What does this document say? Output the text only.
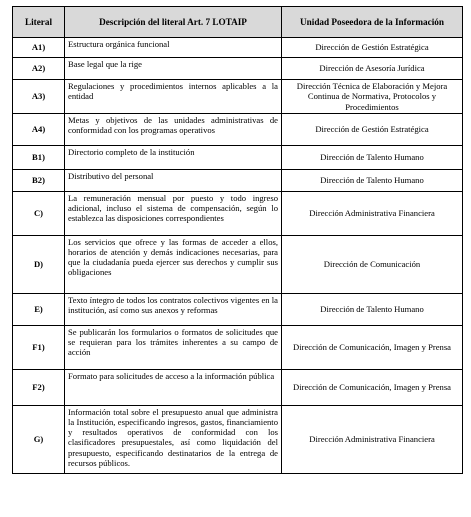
Literal	Descripción del literal Art. 7 LOTAIP	Unidad Poseedora de la Información
A1)	Estructura orgánica funcional	Dirección de Gestión Estratégica
A2)	Base legal que la rige	Dirección de Asesoría Jurídica
A3)	Regulaciones y procedimientos internos aplicables a la entidad	Dirección Técnica de Elaboración y Mejora Continua de Normativa, Protocolos y Procedimientos
A4)	Metas y objetivos de las unidades administrativas de conformidad con los programas operativos	Dirección de Gestión Estratégica
B1)	Directorio completo de la institución	Dirección de Talento Humano
B2)	Distributivo del personal	Dirección de Talento Humano
C)	La remuneración mensual por puesto y todo ingreso adicional, incluso el sistema de compensación, según lo establezca las disposiciones correspondientes	Dirección Administrativa Financiera
D)	Los servicios que ofrece y las formas de acceder a ellos, horarios de atención y demás indicaciones necesarias, para que la ciudadanía pueda ejercer sus derechos y cumplir sus obligaciones	Dirección de Comunicación
E)	Texto íntegro de todos los contratos colectivos vigentes en la institución, así como sus anexos y reformas	Dirección de Talento Humano
F1)	Se publicarán los formularios o formatos de solicitudes que se requieran para los trámites inherentes a su campo de acción	Dirección de Comunicación, Imagen y Prensa
F2)	Formato para solicitudes de acceso a la información pública	Dirección de Comunicación, Imagen y Prensa
G)	Información total sobre el presupuesto anual que administra la Institución, especificando ingresos, gastos, financiamiento y resultados operativos de conformidad con los clasificadores presupuestales, así como liquidación del presupuesto, especificando destinatarios de la entrega de recursos públicos.	Dirección Administrativa Financiera
